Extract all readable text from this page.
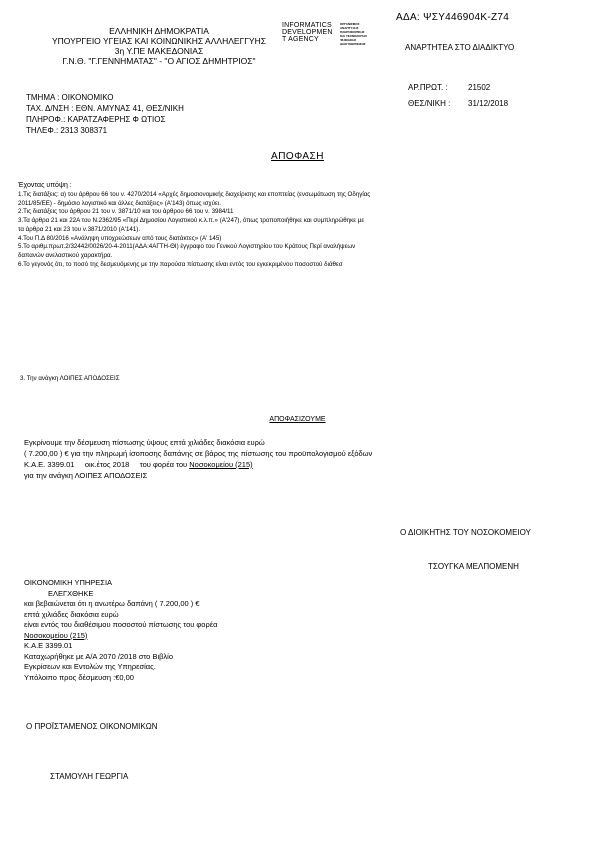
ΑΔΑ: ΨΣΥ446904Κ-Ζ74
ΕΛΛΗΝΙΚΗ ΔΗΜΟΚΡΑΤΙΑ
ΥΠΟΥΡΓΕΙΟ ΥΓΕΙΑΣ ΚΑΙ ΚΟΙΝΩΝΙΚΗΣ ΑΛΛΗΛΕΓΓΥΗΣ
3η Υ.ΠΕ ΜΑΚΕΔΟΝΙΑΣ
Γ.Ν.Θ. "Γ.ΓΕΝΝΗΜΑΤΑΣ" - "Ο ΑΓΙΟΣ ΔΗΜΗΤΡΙΟΣ"
INFORMATICS
DEVELOPMEN
T AGENCY
ΟΡΓΑΝΙΣΜΟΣ
ΑΝΑΠΤΥΞΗΣ
ΠΛΗΡΟΦΟΡΙΚΗΣ
ΚΑΙ ΤΕΧΝΟΛΟΓΙΑΣ
ΨΗΦΙΑΚΗΣ
ΔΙΑΚΥΒΕΡΝΗΣΗΣ	ΑΝΑΡΤΗΤΕΑ ΣΤΟ ΔΙΑΔΙΚΤΥΟ
ΑΡ.ΠΡΩΤ. :	21502
ΘΕΣ/ΝΙΚΗ : 31/12/2018
ΤΜΗΜΑ : ΟΙΚΟΝΟΜΙΚΟ
ΤΑΧ. Δ/ΝΣΗ : ΕΘΝ. ΑΜΥΝΑΣ 41, ΘΕΣ/ΝΙΚΗ
ΠΛΗΡΟΦ.: ΚΑΡΑΤΖΑΦΕΡΗΣ Φ ΩΤΙΟΣ
ΤΗΛΕΦ.: 2313 308371
ΑΠΟΦΑΣΗ
Έχοντας υπόψη :
1.Τις διατάξεις: α) του άρθρου 66 του ν. 4270/2014 «Αρχές δημοσιονομικής διαχείρισης και εποπτείας (ενσωμάτωση της Οδηγίας
2011/85/ΕΕ) - δημόσιο λογιστικό και άλλες διατάξεις» (Α'143) όπως ισχύει.
2.Τις διατάξεις του άρθρου 21 του ν. 3871/10 και του άρθρου 66 του ν. 3984/11
3.Τα άρθρα 21 και 22Α του Ν.2362/95 «Περί Δημοσίου Λογιστικού κ.λ.π.» (Α'247), όπως τροποποιήθηκε και συμπληρώθηκε με
τα άρθρα 21 και 23 του ν.3871/2010 (Α'141).
4.Του Π.Δ 80/2016 «Ανάληψη υποχρεώσεων από τους διατάκτες» (Α' 145)
5.Το αριθμ.πρωτ.2/32442/0026/20-4-2011(ΑΔΑ:4ΑΓΤΗ-ΘΙ) έγγραφο του Γενικού Λογιστηρίου του Κράτους Περί αναλήψεων
δαπανών ανελαστικού χαρακτήρα.
6.Το γεγονός ότι, το ποσό της δεσμευόμενης με την παρούσα πίστωσης είναι εντός του εγκεκριμένου ποσοστού διάθεσ
3. Την ανάγκη ΛΟΙΠΕΣ ΑΠΟΔΟΣΕΙΣ
ΑΠΟΦΑΣΙΖΟΥΜΕ
Εγκρίνουμε την δέσμευση πίστωσης ύψους επτά χιλιάδες διακόσια ευρώ
( 7.200,00 ) € για την πληρωμή ίσοποσης δαπάνης σε βάρος της πίστωσης του προϋπολογισμού εξόδων
Κ.Α.Ε. 3399.01 οικ.έτος 2018 του φορέα του Νοσοκομείου (215)
για την ανάγκη ΛΟΙΠΕΣ ΑΠΟΔΟΣΕΙΣ
Ο ΔΙΟΙΚΗΤΗΣ ΤΟΥ ΝΟΣΟΚΟΜΕΙΟΥ
ΤΣΟΥΓΚΑ ΜΕΛΠΟΜΕΝΗ
ΟΙΚΟΝΟΜΙΚΗ ΥΠΗΡΕΣΙΑ
ΕΛΕΓΧΘΗΚΕ
και βεβαιώνεται ότι η ανωτέρω δαπάνη ( 7.200,00 ) €
επτά χιλιάδες διακόσια ευρώ
είναι εντός του διαθέσιμου ποσοστού πίστωσης του φορέα
Νοσοκομείου (215)
Κ.Α.Ε 3399.01
Καταχωρήθηκε με Α/Α 2070 /2018 στο Βιβλίο
Εγκρίσεων και Εντολών της Υπηρεσίας.
Υπόλοιπο προς δέσμευση :€0,00
Ο ΠΡΟΪΣΤΑΜΕΝΟΣ ΟΙΚΟΝΟΜΙΚΩΝ
ΣΤΑΜΟΥΛΗ ΓΕΩΡΓΙΑ
